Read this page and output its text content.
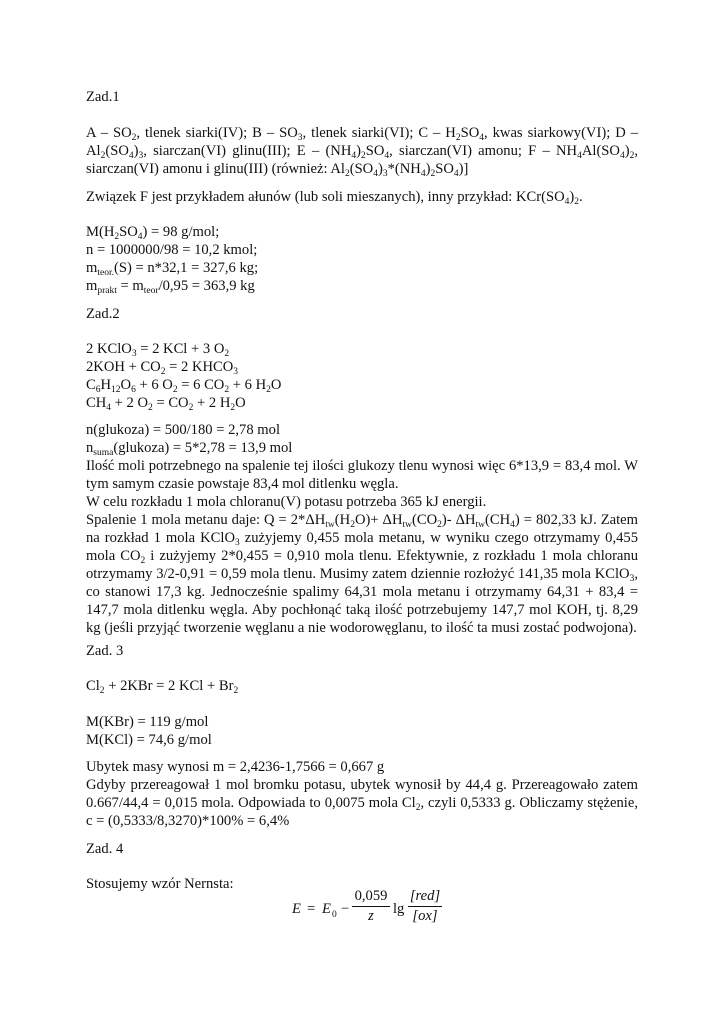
Zad.1

A – $SO_2$, tlenek siarki(IV); B – $SO_3$, tlenek siarki(VI); C – $H_2SO_4$, kwas siarkowy(VI); D – $Al_2(SO_4)_3$, siarczan(VI) glinu(III); E – $(NH_4)_2SO_4$, siarczan(VI) amonu; F – $NH_4Al(SO_4)_2$, siarczan(VI) amonu i glinu(III) (również: $Al_2(SO_4)_3*(NH_4)_2SO_4$)]

Związek F jest przykładem ałunów (lub soli mieszanych), inny przykład: $KCr(SO_4)_2$.

$M(H_2SO_4) = 98$ g/mol;
n = 1000000/98 = 10,2 kmol;
$m_{teor.}(S) = n*32,1 = 327,6$ kg;
$m_{prakt} = m_{teor}/0,95 = 363,9$ kg

Zad.2

2 KClO$_3$ = 2 KCl + 3 $O_2$
$2KOH + CO_2 = 2$ $KHCO_3$
$C_6H_{12}O_6 + 6$ $O_2 = 6$ $CO_2 + 6$ $H_2O$
$CH_4 + 2$ $O_2 = CO_2 + 2$ $H_2O$
n(glukoza) = 500/180 = 2,78 mol
$n_{suma}(glukoza) = 5*2,78 = 13,9$ mol
Ilość moli potrzebnego na spalenie tej ilości glukozy tlenu wynosi więc 6*13,9 = 83,4 mol. W tym samym czasie powstaje 83,4 mol ditlenku węgla.
W celu rozkładu 1 mola chloranu(V) potasu potrzeba 365 kJ energii.
Spalenie 1 mola metanu daje: $Q = 2*\Delta H_{tw}(H_2O)+ \Delta H_{tw}(CO_2)-$ $\Delta H_{tw}(CH_4) = 802,33$ kJ. Zatem na rozkład 1 mola KClO$_3$ zużyjemy 0,455 mola metanu, w wyniku czego otrzymamy 0,455 mola $CO_2$ i zużyjemy 2*0,455 = 0,910 mola tlenu. Efektywnie, z rozkładu 1 mola chloranu otrzymamy 3/2-0,91 = 0,59 mola tlenu. Musimy zatem dziennie rozłożyć 141,35 mola KClO$_3$, co stanowi 17,3 kg. Jednocześnie spalimy 64,31 mola metanu i otrzymamy 64,31 + 83,4 = 147,7 mola ditlenku węgla. Aby pochłonąć taką ilość potrzebujemy 147,7 mol KOH, tj. 8,29 kg (jeśli przyjąć tworzenie węglanu a nie wodorowęglanu, to ilość ta musi zostać podwojona).

Zad. 3

$Cl_2 + 2KBr = 2$ KCl + $Br_2$

M(KBr) = 119 g/mol
M(KCl) = 74,6 g/mol
Ubytek masy wynosi m = 2,4236-1,7566 = 0,667 g
Gdyby przereagował 1 mol bromku potasu, ubytek wynosił by 44,4 g. Przereagowało zatem 0.667/44,4 = 0,015 mola. Odpowiada to 0,0075 mola $Cl_2$, czyli 0,5333 g. Obliczamy stężenie, c = (0,5333/8,3270)*100% = 6,4%

Zad. 4

Stosujemy wzór Nernsta:

E = E 0 −
0,059
z	lg
[red]
[ox]
